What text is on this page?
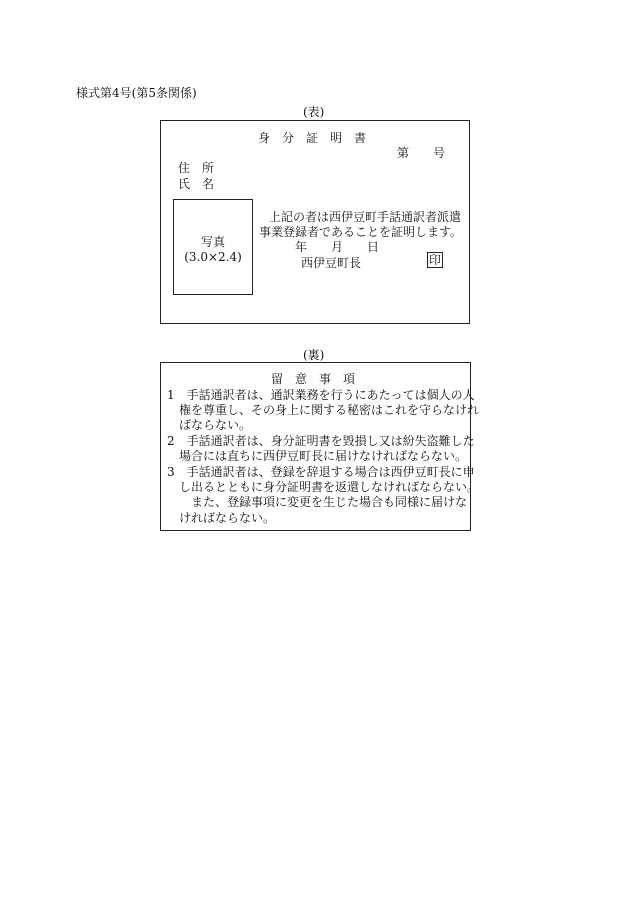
様式第4号(第5条関係)
(表)
身　分　証　明　書
第　　号
住　所
氏　名
写真
(3.0×2.4)
上記の者は西伊豆町手話通訳者派遣
事業登録者であることを証明します。
年　　月　　日
西伊豆町長	印
(裏)
留　意　事　項
1　手話通訳者は、通訳業務を行うにあたっては個人の人
　権を尊重し、その身上に関する秘密はこれを守らなけれ
　ばならない。
2　手話通訳者は、身分証明書を毀損し又は紛失盗難した
　場合には直ちに西伊豆町長に届けなければならない。
3　手話通訳者は、登録を辞退する場合は西伊豆町長に申
　し出るとともに身分証明書を返還しなければならない。
　　また、登録事項に変更を生じた場合も同様に届けな
　ければならない。
